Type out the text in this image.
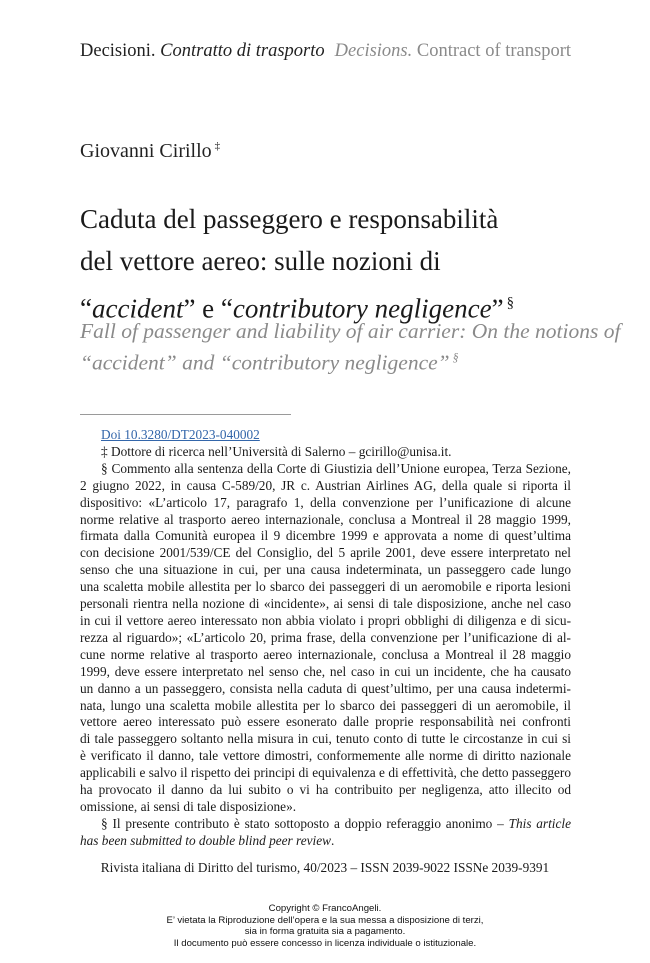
Decisioni. Contratto di trasporto Decisions. Contract of transport
Giovanni Cirillo ‡
Caduta del passeggero e responsabilità
del vettore aereo: sulle nozioni di
“accident” e “contributory negligence” §
Fall of passenger and liability of air carrier: On the notions of
“accident” and “contributory negligence” §
Doi 10.3280/DT2023-040002
‡ Dottore di ricerca nell’Università di Salerno – gcirillo@unisa.it.
§ Commento alla sentenza della Corte di Giustizia dell’Unione europea, Terza Sezione,
2 giugno 2022, in causa C-589/20, JR c. Austrian Airlines AG, della quale si riporta il
dispositivo: «L’articolo 17, paragrafo 1, della convenzione per l’unificazione di alcune
norme relative al trasporto aereo internazionale, conclusa a Montreal il 28 maggio 1999,
firmata dalla Comunità europea il 9 dicembre 1999 e approvata a nome di quest’ultima
con decisione 2001/539/CE del Consiglio, del 5 aprile 2001, deve essere interpretato nel
senso che una situazione in cui, per una causa indeterminata, un passeggero cade lungo
una scaletta mobile allestita per lo sbarco dei passeggeri di un aeromobile e riporta lesioni
personali rientra nella nozione di «incidente», ai sensi di tale disposizione, anche nel caso
in cui il vettore aereo interessato non abbia violato i propri obblighi di diligenza e di sicu-
rezza al riguardo»; «L’articolo 20, prima frase, della convenzione per l’unificazione di al-
cune norme relative al trasporto aereo internazionale, conclusa a Montreal il 28 maggio
1999, deve essere interpretato nel senso che, nel caso in cui un incidente, che ha causato
un danno a un passeggero, consista nella caduta di quest’ultimo, per una causa indetermi-
nata, lungo una scaletta mobile allestita per lo sbarco dei passeggeri di un aeromobile, il
vettore aereo interessato può essere esonerato dalle proprie responsabilità nei confronti
di tale passeggero soltanto nella misura in cui, tenuto conto di tutte le circostanze in cui si
è verificato il danno, tale vettore dimostri, conformemente alle norme di diritto nazionale
applicabili e salvo il rispetto dei principi di equivalenza e di effettività, che detto passeggero
ha provocato il danno da lui subito o vi ha contribuito per negligenza, atto illecito od
omissione, ai sensi di tale disposizione».
§ Il presente contributo è stato sottoposto a doppio referaggio anonimo – This article
has been submitted to double blind peer review.
Rivista italiana di Diritto del turismo, 40/2023 – ISSN 2039-9022 ISSNe 2039-9391
Copyright © FrancoAngeli.
E’ vietata la Riproduzione dell’opera e la sua messa a disposizione di terzi,
sia in forma gratuita sia a pagamento.
Il documento può essere concesso in licenza individuale o istituzionale.
